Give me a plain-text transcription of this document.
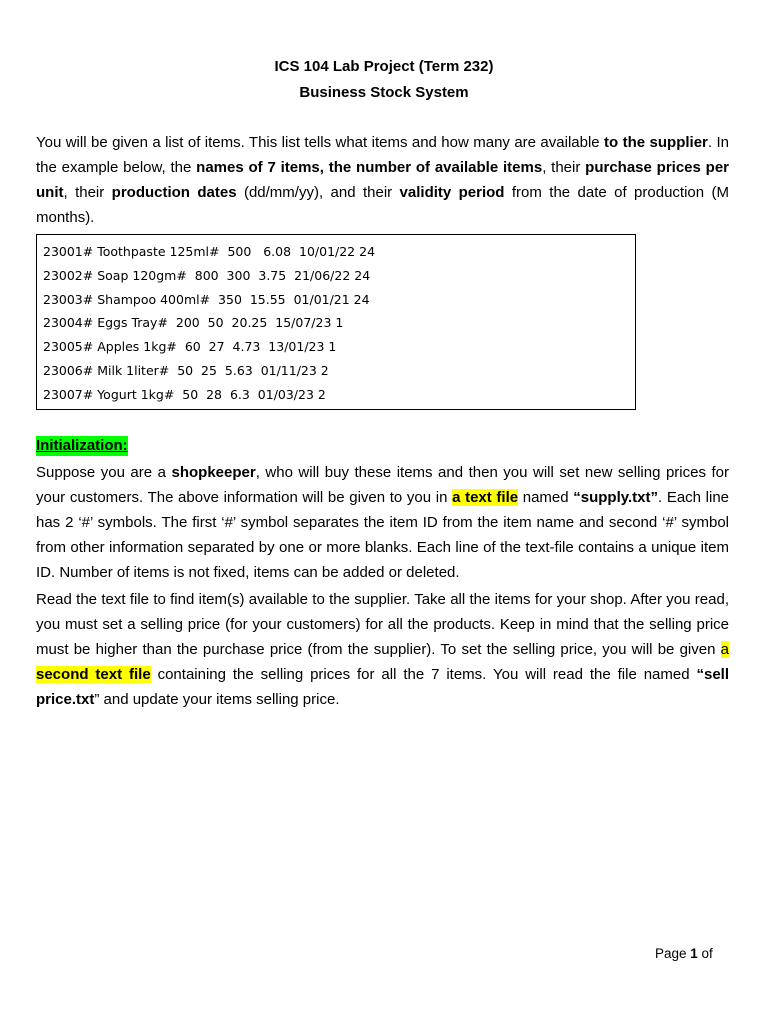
ICS 104 Lab Project (Term 232)
Business Stock System

You will be given a list of items. This list tells what items and how many are available to the supplier. In the example below, the names of 7 items, the number of available items, their purchase prices per unit, their production dates (dd/mm/yy), and their validity period from the date of production (M months).

23001# Toothpaste 125ml#  500   6.08  10/01/22 24
23002# Soap 120gm#  800  300  3.75  21/06/22 24
23003# Shampoo 400ml#  350  15.55  01/01/21 24
23004# Eggs Tray#  200  50  20.25  15/07/23 1
23005# Apples 1kg#  60  27  4.73  13/01/23 1
23006# Milk 1liter#  50  25  5.63  01/11/23 2
23007# Yogurt 1kg#  50  28  6.3  01/03/23 2
Initialization:

Suppose you are a shopkeeper, who will buy these items and then you will set new selling prices for your customers. The above information will be given to you in a text file named “supply.txt”. Each line has 2 ‘#’ symbols. The first ‘#’ symbol separates the item ID from the item name and second ‘#’ symbol from other information separated by one or more blanks. Each line of the text-file contains a unique item ID. Number of items is not fixed, items can be added or deleted.

Read the text file to find item(s) available to the supplier. Take all the items for your shop. After you read, you must set a selling price (for your customers) for all the products. Keep in mind that the selling price must be higher than the purchase price (from the supplier). To set the selling price, you will be given a second text file containing the selling prices for all the 7 items. You will read the file named “sell price.txt” and update your items selling price.

Page 1 of
